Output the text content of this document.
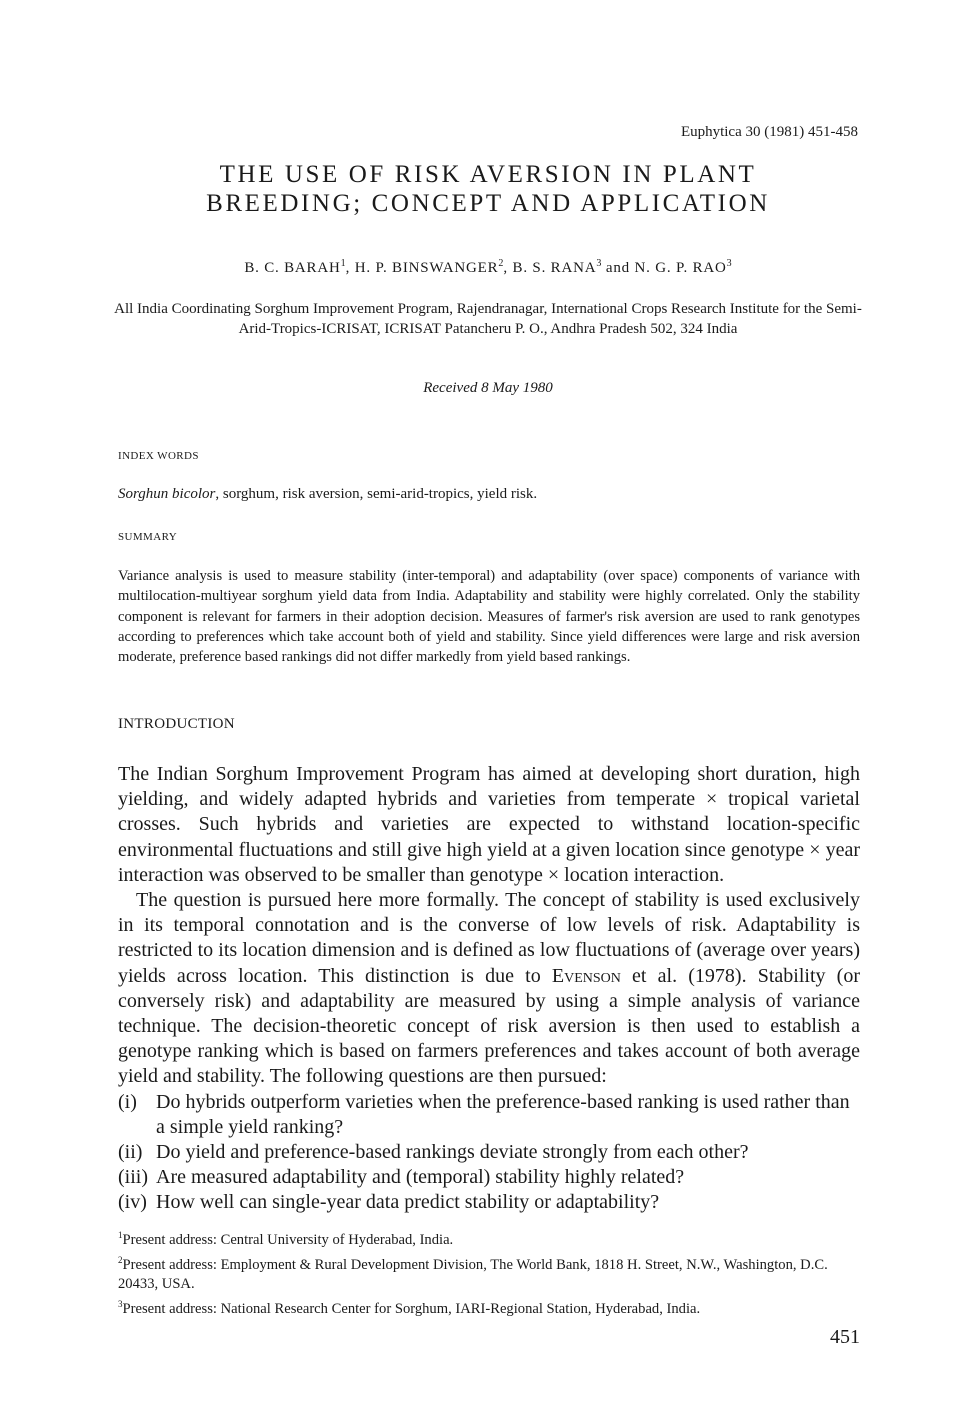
Euphytica 30 (1981) 451-458
THE USE OF RISK AVERSION IN PLANT
BREEDING; CONCEPT AND APPLICATION
B. C. BARAH$^1$, H. P. BINSWANGER$^2$, B. S. RANA$^3$ and N. G. P. RAO$^3$
All India Coordinating Sorghum Improvement Program, Rajendranagar, International Crops Research Institute for the Semi-Arid-Tropics-ICRISAT, ICRISAT Patancheru P. O., Andhra Pradesh 502, 324 India
Received 8 May 1980
INDEX WORDS
Sorghun bicolor, sorghum, risk aversion, semi-arid-tropics, yield risk.
SUMMARY
Variance analysis is used to measure stability (inter-temporal) and adaptability (over space) components of variance with multilocation-multiyear sorghum yield data from India. Adaptability and stability were highly correlated. Only the stability component is relevant for farmers in their adoption decision. Measures of farmer's risk aversion are used to rank genotypes according to preferences which take account both of yield and stability. Since yield differences were large and risk aversion moderate, preference based rankings did not differ markedly from yield based rankings.
INTRODUCTION

The Indian Sorghum Improvement Program has aimed at developing short duration, high yielding, and widely adapted hybrids and varieties from temperate × tropical varietal crosses. Such hybrids and varieties are expected to withstand location-specific environmental fluctuations and still give high yield at a given location since genotype × year interaction was observed to be smaller than genotype × location interaction.

The question is pursued here more formally. The concept of stability is used exclusively in its temporal connotation and is the converse of low levels of risk. Adaptability is restricted to its location dimension and is defined as low fluctuations of (average over years) yields across location. This distinction is due to Evenson et al. (1978). Stability (or conversely risk) and adaptability are measured by using a simple analysis of variance technique. The decision-theoretic concept of risk aversion is then used to establish a genotype ranking which is based on farmers preferences and takes account of both average yield and stability. The following questions are then pursued:

(i) Do hybrids outperform varieties when the preference-based ranking is used rather than a simple yield ranking?
(ii) Do yield and preference-based rankings deviate strongly from each other?
(iii) Are measured adaptability and (temporal) stability highly related?
(iv) How well can single-year data predict stability or adaptability?
$^1$Present address: Central University of Hyderabad, India.
$^2$Present address: Employment & Rural Development Division, The World Bank, 1818 H. Street, N.W., Washington, D.C. 20433, USA.
$^3$Present address: National Research Center for Sorghum, IARI-Regional Station, Hyderabad, India.
451
